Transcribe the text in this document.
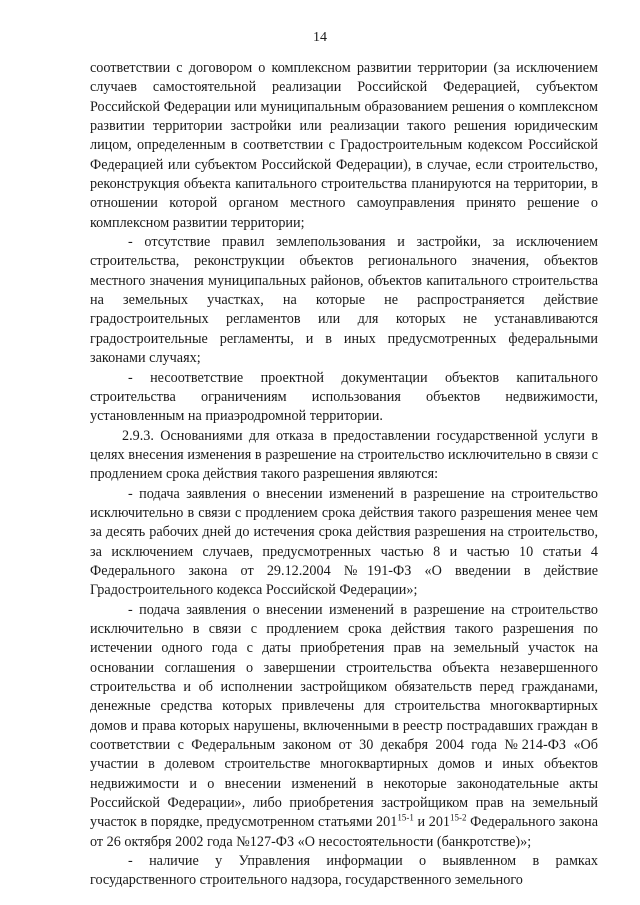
14

соответствии с договором о комплексном развитии территории (за исключением случаев самостоятельной реализации Российской Федерацией, субъектом Российской Федерации или муниципальным образованием решения о комплексном развитии территории застройки или реализации такого решения юридическим лицом, определенным в соответствии с Градостроительным кодексом Российской Федерацией или субъектом Российской Федерации), в случае, если строительство, реконструкция объекта капитального строительства планируются на территории, в отношении которой органом местного самоуправления принято решение о комплексном развитии территории;

- отсутствие правил землепользования и застройки, за исключением строительства, реконструкции объектов регионального значения, объектов местного значения муниципальных районов, объектов капитального строительства на земельных участках, на которые не распространяется действие градостроительных регламентов или для которых не устанавливаются градостроительные регламенты, и в иных предусмотренных федеральными законами случаях;

- несоответствие проектной документации объектов капитального строительства ограничениям использования объектов недвижимости, установленным на приаэродромной территории.

2.9.3. Основаниями для отказа в предоставлении государственной услуги в целях внесения изменения в разрешение на строительство исключительно в связи с продлением срока действия такого разрешения являются:

- подача заявления о внесении изменений в разрешение на строительство исключительно в связи с продлением срока действия такого разрешения менее чем за десять рабочих дней до истечения срока действия разрешения на строительство, за исключением случаев, предусмотренных частью 8 и частью 10 статьи 4 Федерального закона от 29.12.2004 №191-ФЗ «О введении в действие Градостроительного кодекса Российской Федерации»;

- подача заявления о внесении изменений в разрешение на строительство исключительно в связи с продлением срока действия такого разрешения по истечении одного года с даты приобретения прав на земельный участок на основании соглашения о завершении строительства объекта незавершенного строительства и об исполнении застройщиком обязательств перед гражданами, денежные средства которых привлечены для строительства многоквартирных домов и права которых нарушены, включенными в реестр пострадавших граждан в соответствии с Федеральным законом от 30 декабря 2004 года №214-ФЗ «Об участии в долевом строительстве многоквартирных домов и иных объектов недвижимости и о внесении изменений в некоторые законодательные акты Российской Федерации», либо приобретения застройщиком прав на земельный участок в порядке, предусмотренном статьями 201$^{15-1}$ и 201$^{15-2}$ Федерального закона от 26 октября 2002 года №127-ФЗ «О несостоятельности (банкротстве)»;

- наличие у Управления информации о выявленном в рамках государственного строительного надзора, государственного земельного
